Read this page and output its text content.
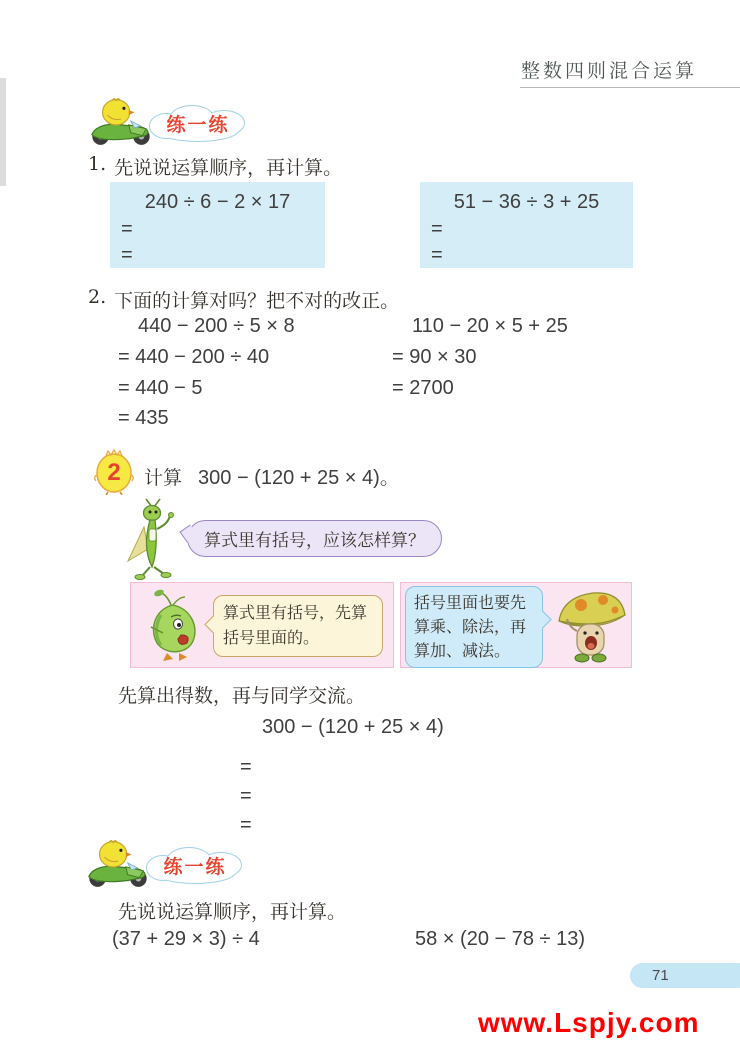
整数四则混合运算
练一练
1. 先说说运算顺序，再计算。
240 ÷ 6 − 2 × 17
=
=
51 − 36 ÷ 3 + 25
=
=
2. 下面的计算对吗？把不对的改正。
440 − 200 ÷ 5 × 8
= 440 − 200 ÷ 40
= 440 − 5
= 435
110 − 20 × 5 + 25
= 90 × 30
= 2700
2	计算 300 − (120 + 25 × 4)。
算式里有括号，应该怎样算？
算式里有括号，先算括号里面的。
括号里面也要先算乘、除法，再算加、减法。
先算出得数，再与同学交流。
300 − (120 + 25 × 4)
=
=
=
练一练
先说说运算顺序，再计算。
(37 + 29 × 3) ÷ 4	58 × (20 − 78 ÷ 13)
71
www.Lspjy.com
